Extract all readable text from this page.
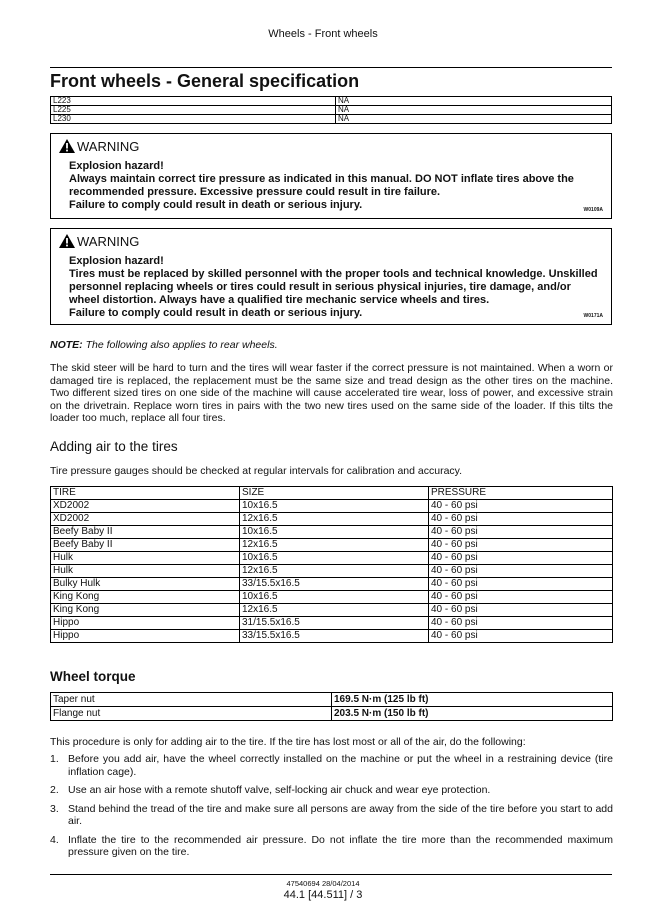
Wheels - Front wheels
Front wheels - General specification
L223	NA
L225	NA
L230	NA
WARNING
Explosion hazard!
Always maintain correct tire pressure as indicated in this manual. DO NOT inflate tires above the recommended pressure. Excessive pressure could result in tire failure.
Failure to comply could result in death or serious injury.	W0109A
WARNING
Explosion hazard!
Tires must be replaced by skilled personnel with the proper tools and technical knowledge. Unskilled personnel replacing wheels or tires could result in serious physical injuries, tire damage, and/or wheel distortion. Always have a qualified tire mechanic service wheels and tires.
Failure to comply could result in death or serious injury.	W0171A
NOTE: The following also applies to rear wheels.
The skid steer will be hard to turn and the tires will wear faster if the correct pressure is not maintained. When a worn or damaged tire is replaced, the replacement must be the same size and tread design as the other tires on the machine. Two different sized tires on one side of the machine will cause accelerated tire wear, loss of power, and excessive strain on the drivetrain. Replace worn tires in pairs with the two new tires used on the same side of the loader. If this tilts the loader too much, replace all four tires.
Adding air to the tires
Tire pressure gauges should be checked at regular intervals for calibration and accuracy.
TIRE	SIZE	PRESSURE
XD2002	10x16.5	40 - 60 psi
XD2002	12x16.5	40 - 60 psi
Beefy Baby II	10x16.5	40 - 60 psi
Beefy Baby II	12x16.5	40 - 60 psi
Hulk	10x16.5	40 - 60 psi
Hulk	12x16.5	40 - 60 psi
Bulky Hulk	33/15.5x16.5	40 - 60 psi
King Kong	10x16.5	40 - 60 psi
King Kong	12x16.5	40 - 60 psi
Hippo	31/15.5x16.5	40 - 60 psi
Hippo	33/15.5x16.5	40 - 60 psi
Wheel torque
Taper nut	169.5 N·m (125 lb ft)
Flange nut	203.5 N·m (150 lb ft)
This procedure is only for adding air to the tire. If the tire has lost most or all of the air, do the following:
1. Before you add air, have the wheel correctly installed on the machine or put the wheel in a restraining device (tire inflation cage).
2. Use an air hose with a remote shutoff valve, self-locking air chuck and wear eye protection.
3. Stand behind the tread of the tire and make sure all persons are away from the side of the tire before you start to add air.
4. Inflate the tire to the recommended air pressure. Do not inflate the tire more than the recommended maximum pressure given on the tire.
47540694 28/04/2014
44.1 [44.511] / 3
